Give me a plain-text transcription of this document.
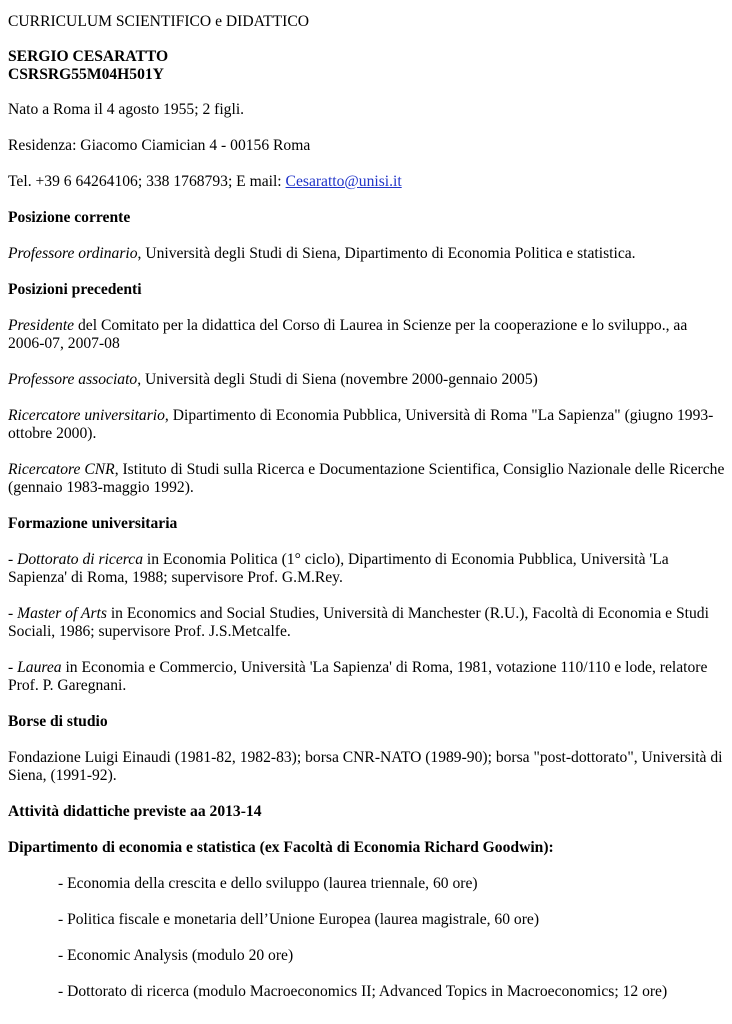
CURRICULUM SCIENTIFICO e DIDATTICO

SERGIO CESARATTO

CSRSRG55M04H501Y

Nato a Roma il 4 agosto 1955; 2 figli.

Residenza: Giacomo Ciamician 4 - 00156 Roma

Tel. +39 6 64264106; 338 1768793; E mail: Cesaratto@unisi.it

Posizione corrente

Professore ordinario, Università degli Studi di Siena, Dipartimento di Economia Politica e statistica.

Posizioni precedenti

Presidente del Comitato per la didattica del Corso di Laurea in Scienze per la cooperazione e lo sviluppo., aa 2006-07, 2007-08

Professore associato, Università degli Studi di Siena (novembre 2000-gennaio 2005)

Ricercatore universitario, Dipartimento di Economia Pubblica, Università di Roma "La Sapienza" (giugno 1993-ottobre 2000).

Ricercatore CNR, Istituto di Studi sulla Ricerca e Documentazione Scientifica, Consiglio Nazionale delle Ricerche (gennaio 1983-maggio 1992).

Formazione universitaria

- Dottorato di ricerca in Economia Politica (1° ciclo), Dipartimento di Economia Pubblica, Università 'La Sapienza' di Roma, 1988; supervisore Prof. G.M.Rey.

- Master of Arts in Economics and Social Studies, Università di Manchester (R.U.), Facoltà di Economia e Studi Sociali, 1986; supervisore Prof. J.S.Metcalfe.

- Laurea in Economia e Commercio, Università 'La Sapienza' di Roma, 1981, votazione 110/110 e lode, relatore Prof. P. Garegnani.

Borse di studio

Fondazione Luigi Einaudi (1981-82, 1982-83); borsa CNR-NATO (1989-90); borsa "post-dottorato", Università di Siena, (1991-92).

Attività didattiche previste aa 2013-14

Dipartimento di economia e statistica (ex Facoltà di Economia Richard Goodwin):

- Economia della crescita e dello sviluppo (laurea triennale, 60 ore)

- Politica fiscale e monetaria dell’Unione Europea (laurea magistrale, 60 ore)

- Economic Analysis (modulo 20 ore)

- Dottorato di ricerca (modulo Macroeconomics II; Advanced Topics in Macroeconomics; 12 ore)
